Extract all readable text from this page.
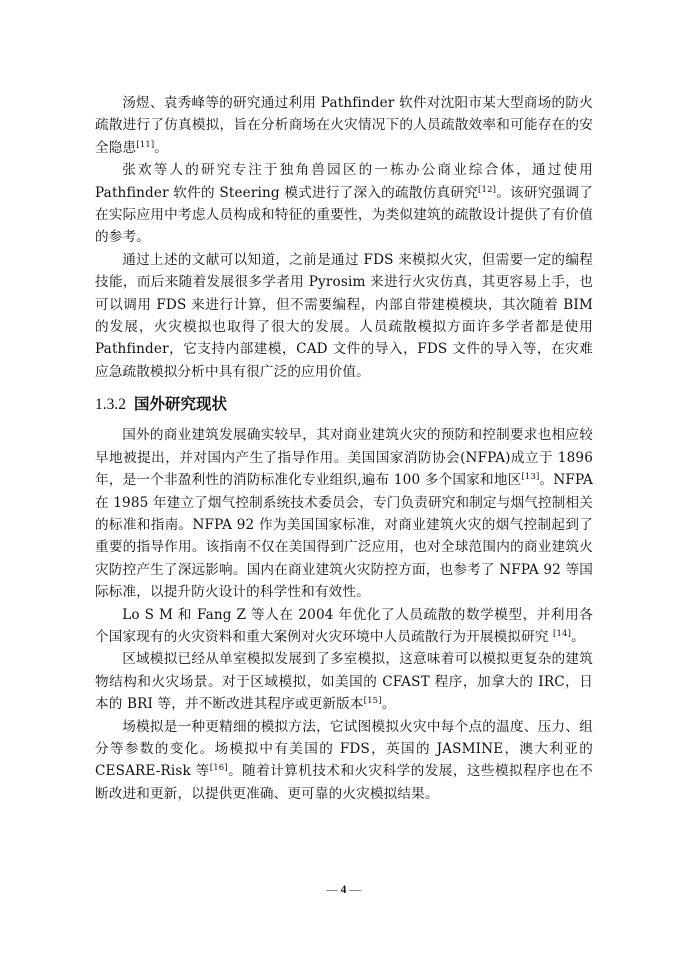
汤煜、袁秀峰等的研究通过利用 Pathfinder 软件对沈阳市某大型商场的防火疏散进行了仿真模拟，旨在分析商场在火灾情况下的人员疏散效率和可能存在的安全隐患[11]。

张欢等人的研究专注于独角兽园区的一栋办公商业综合体，通过使用 Pathfinder 软件的 Steering 模式进行了深入的疏散仿真研究[12]。该研究强调了在实际应用中考虑人员构成和特征的重要性，为类似建筑的疏散设计提供了有价值的参考。

通过上述的文献可以知道，之前是通过 FDS 来模拟火灾，但需要一定的编程技能，而后来随着发展很多学者用 Pyrosim 来进行火灾仿真，其更容易上手，也可以调用 FDS 来进行计算，但不需要编程，内部自带建模模块，其次随着 BIM 的发展，火灾模拟也取得了很大的发展。人员疏散模拟方面许多学者都是使用 Pathfinder，它支持内部建模，CAD 文件的导入，FDS 文件的导入等，在灾难应急疏散模拟分析中具有很广泛的应用价值。

1.3.2 国外研究现状

国外的商业建筑发展确实较早，其对商业建筑火灾的预防和控制要求也相应较早地被提出，并对国内产生了指导作用。美国国家消防协会(NFPA)成立于 1896 年，是一个非盈利性的消防标准化专业组织,遍布 100 多个国家和地区[13]。NFPA 在 1985 年建立了烟气控制系统技术委员会，专门负责研究和制定与烟气控制相关的标准和指南。NFPA 92 作为美国国家标准，对商业建筑火灾的烟气控制起到了重要的指导作用。该指南不仅在美国得到广泛应用，也对全球范围内的商业建筑火灾防控产生了深远影响。国内在商业建筑火灾防控方面，也参考了 NFPA 92 等国际标准，以提升防火设计的科学性和有效性。

Lo S M 和 Fang Z 等人在 2004 年优化了人员疏散的数学模型，并利用各个国家现有的火灾资料和重大案例对火灾环境中人员疏散行为开展模拟研究 [14]。

区域模拟已经从单室模拟发展到了多室模拟，这意味着可以模拟更复杂的建筑物结构和火灾场景。对于区域模拟，如美国的 CFAST 程序，加拿大的 IRC，日本的 BRI 等，并不断改进其程序或更新版本[15]。

场模拟是一种更精细的模拟方法，它试图模拟火灾中每个点的温度、压力、组分等参数的变化。场模拟中有美国的 FDS，英国的 JASMINE，澳大利亚的 CESARE-Risk 等[16]。随着计算机技术和火灾科学的发展，这些模拟程序也在不断改进和更新，以提供更准确、更可靠的火灾模拟结果。

— 4 —
